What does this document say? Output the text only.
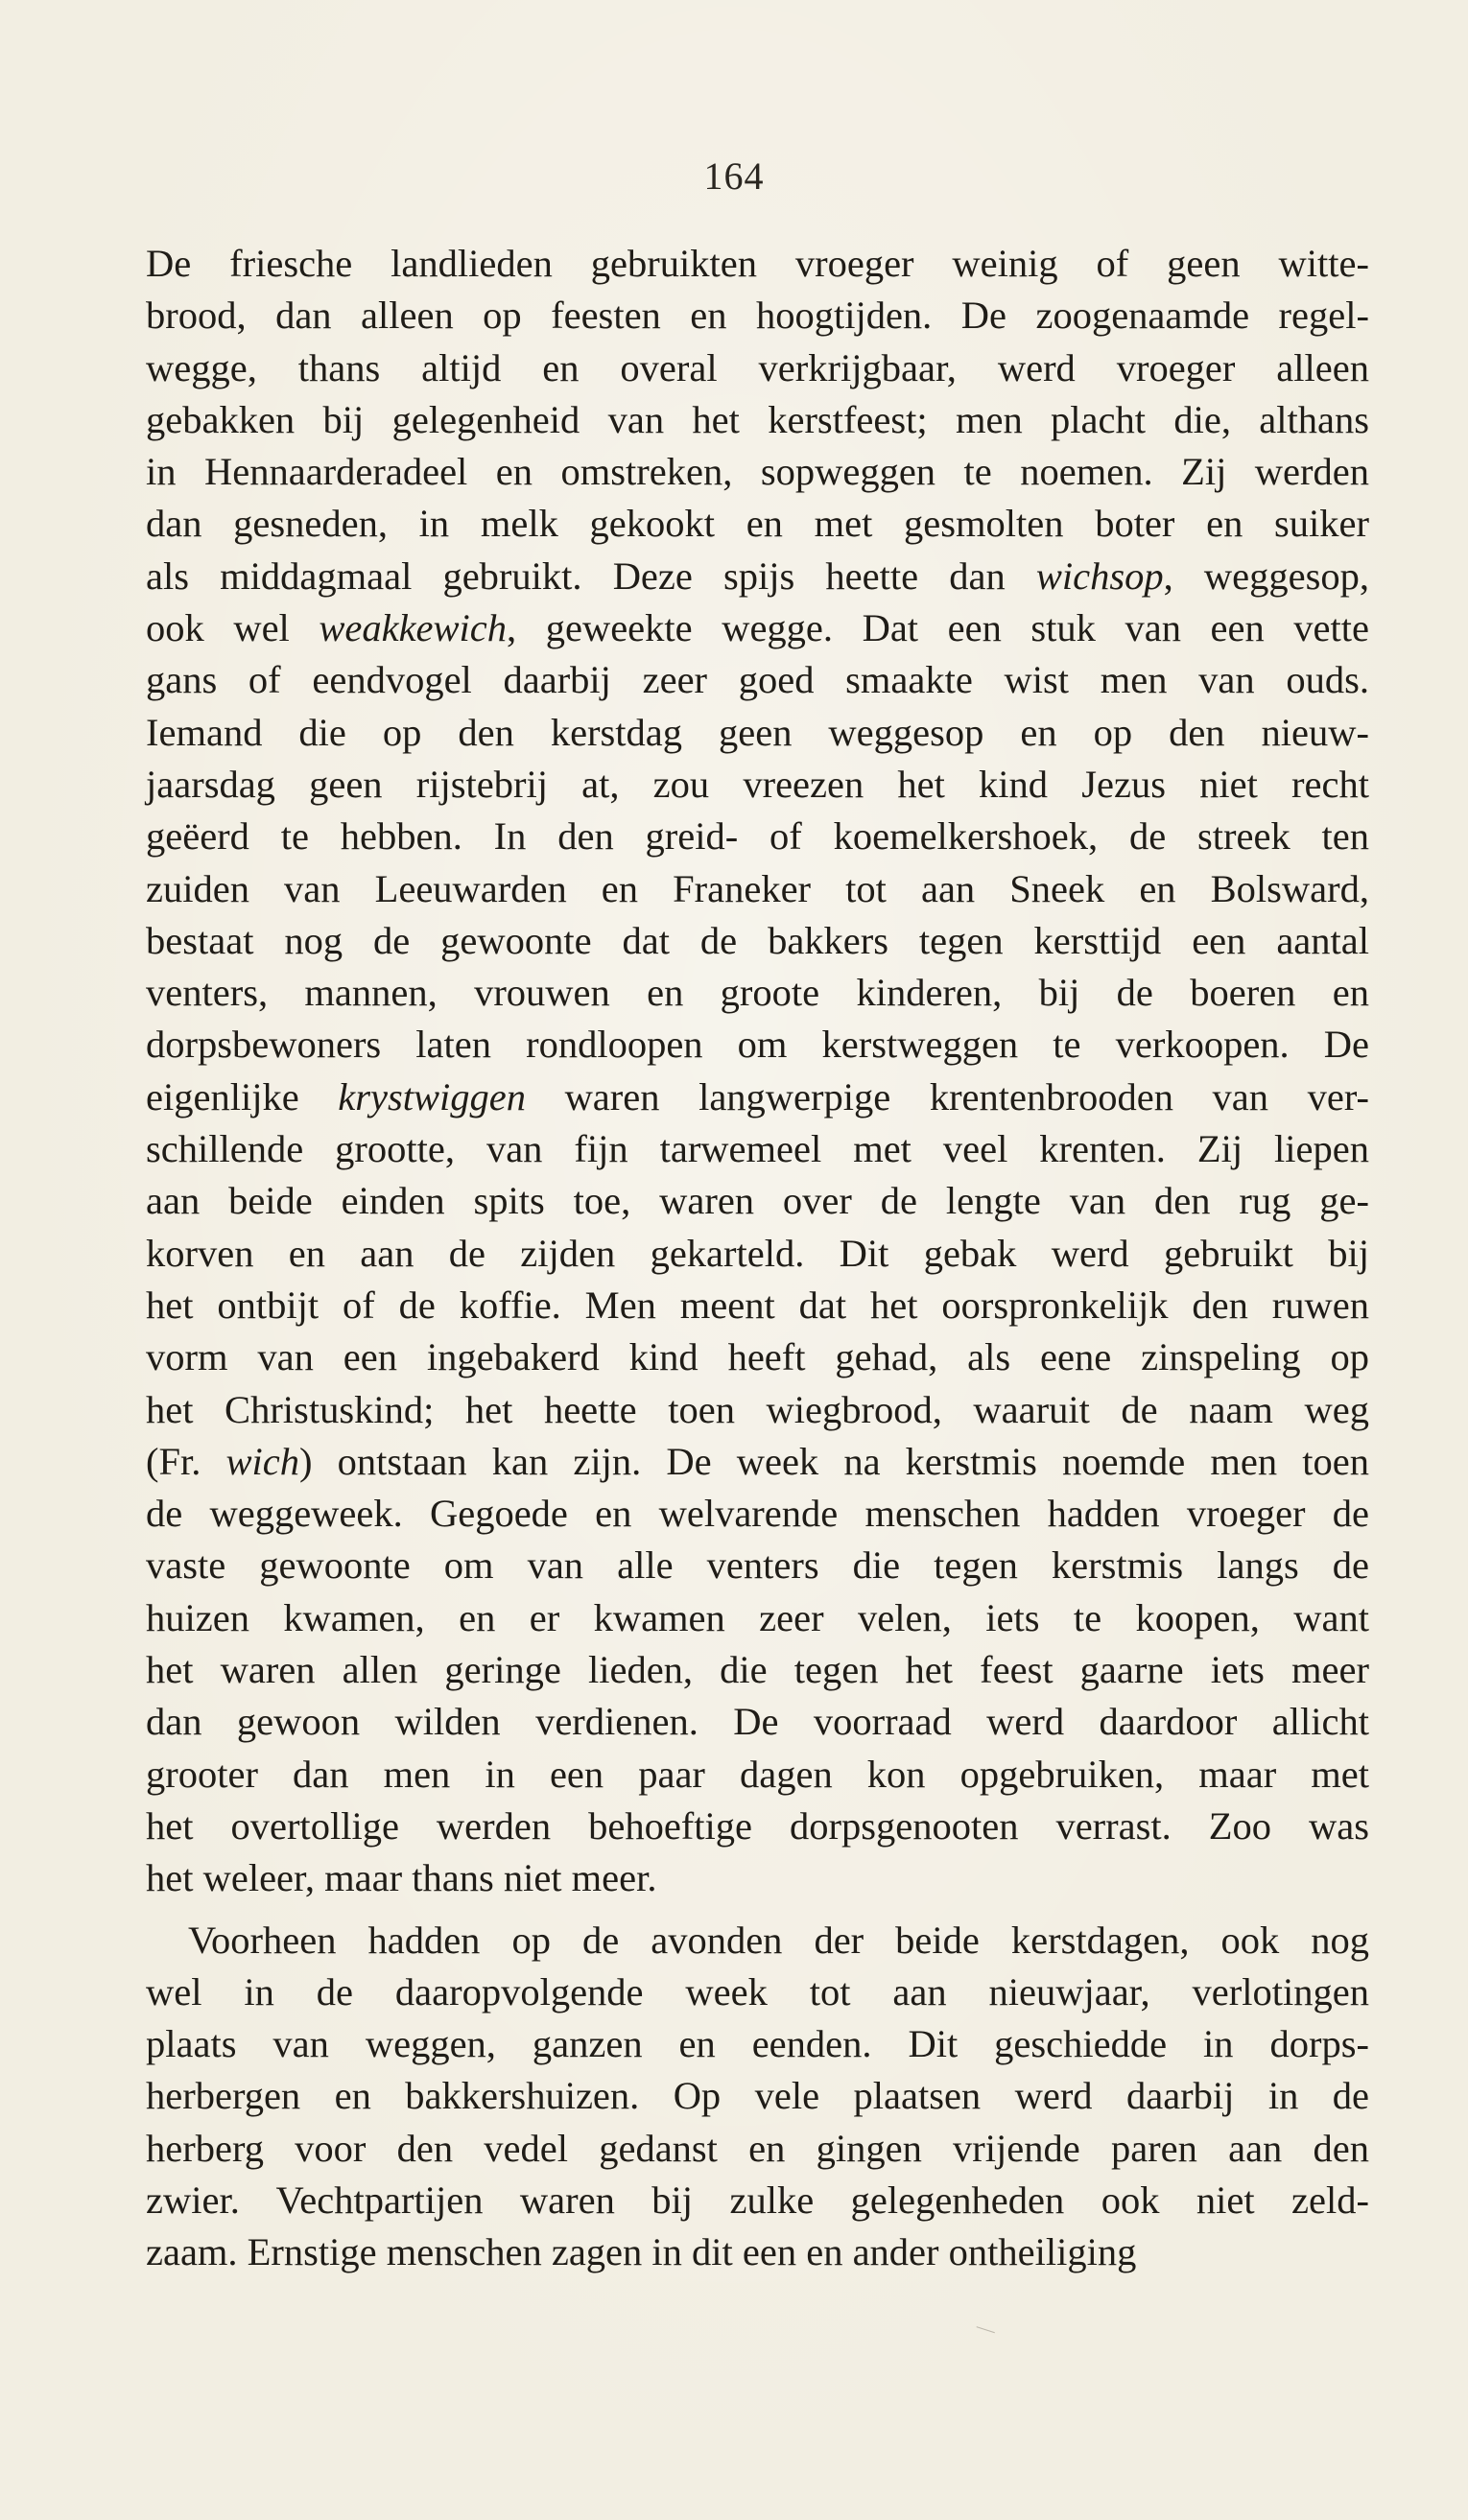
164
De friesche landlieden gebruikten vroeger weinig of geen witte-
brood, dan alleen op feesten en hoogtijden. De zoogenaamde regel-
wegge, thans altijd en overal verkrijgbaar, werd vroeger alleen
gebakken bij gelegenheid van het kerstfeest; men placht die, althans
in Hennaarderadeel en omstreken, sopweggen te noemen. Zij werden
dan gesneden, in melk gekookt en met gesmolten boter en suiker
als middagmaal gebruikt. Deze spijs heette dan wichsop, weggesop,
ook wel weakkewich, geweekte wegge. Dat een stuk van een vette
gans of eendvogel daarbij zeer goed smaakte wist men van ouds.
Iemand die op den kerstdag geen weggesop en op den nieuw-
jaarsdag geen rijstebrij at, zou vreezen het kind Jezus niet recht
geëerd te hebben. In den greid- of koemelkershoek, de streek ten
zuiden van Leeuwarden en Franeker tot aan Sneek en Bolsward,
bestaat nog de gewoonte dat de bakkers tegen kersttijd een aantal
venters, mannen, vrouwen en groote kinderen, bij de boeren en
dorpsbewoners laten rondloopen om kerstweggen te verkoopen. De
eigenlijke krystwiggen waren langwerpige krentenbrooden van ver-
schillende grootte, van fijn tarwemeel met veel krenten. Zij liepen
aan beide einden spits toe, waren over de lengte van den rug ge-
korven en aan de zijden gekarteld. Dit gebak werd gebruikt bij
het ontbijt of de koffie. Men meent dat het oorspronkelijk den ruwen
vorm van een ingebakerd kind heeft gehad, als eene zinspeling op
het Christuskind; het heette toen wiegbrood, waaruit de naam weg
(Fr. wich) ontstaan kan zijn. De week na kerstmis noemde men toen
de weggeweek. Gegoede en welvarende menschen hadden vroeger de
vaste gewoonte om van alle venters die tegen kerstmis langs de
huizen kwamen, en er kwamen zeer velen, iets te koopen, want
het waren allen geringe lieden, die tegen het feest gaarne iets meer
dan gewoon wilden verdienen. De voorraad werd daardoor allicht
grooter dan men in een paar dagen kon opgebruiken, maar met
het overtollige werden behoeftige dorpsgenooten verrast. Zoo was
het weleer, maar thans niet meer.
Voorheen hadden op de avonden der beide kerstdagen, ook nog
wel in de daaropvolgende week tot aan nieuwjaar, verlotingen
plaats van weggen, ganzen en eenden. Dit geschiedde in dorps-
herbergen en bakkershuizen. Op vele plaatsen werd daarbij in de
herberg voor den vedel gedanst en gingen vrijende paren aan den
zwier. Vechtpartijen waren bij zulke gelegenheden ook niet zeld-
zaam. Ernstige menschen zagen in dit een en ander ontheiliging
